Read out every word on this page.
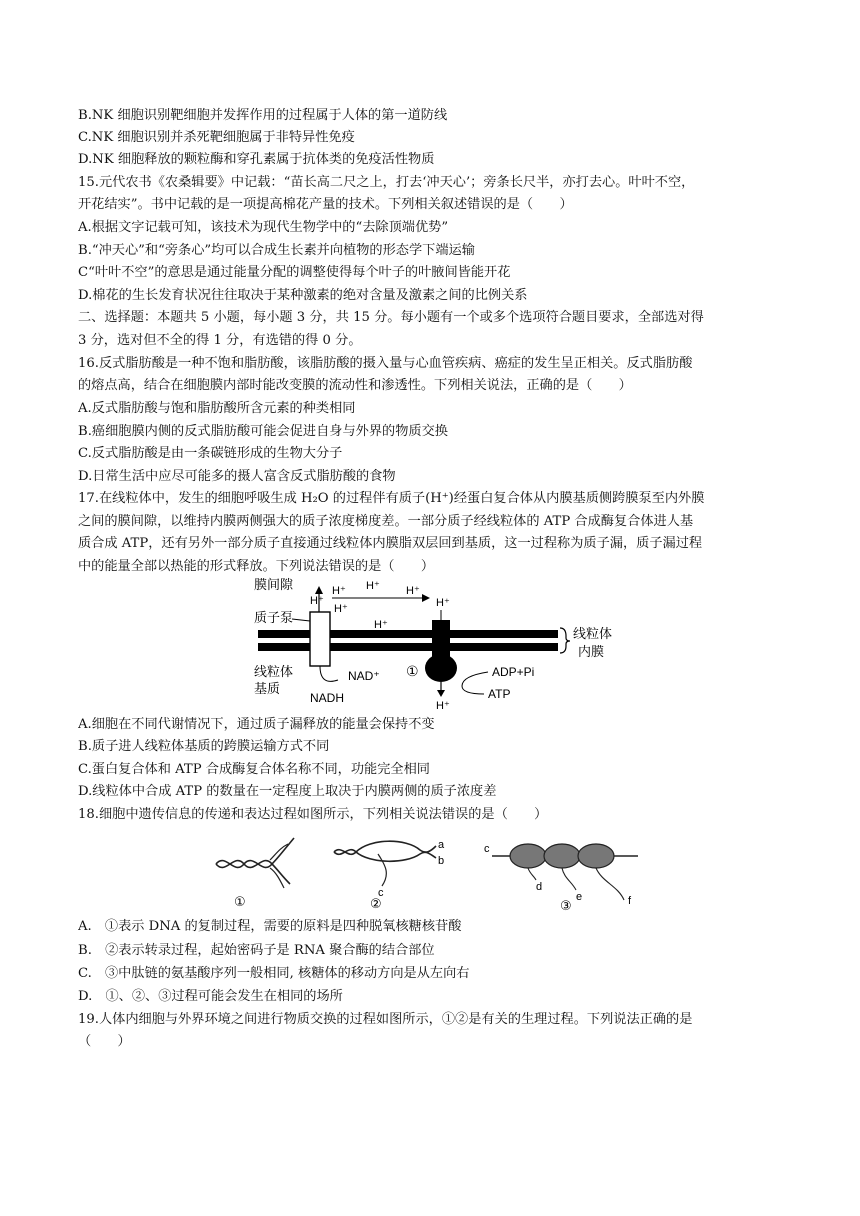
B.NK 细胞识别靶细胞并发挥作用的过程属于人体的第一道防线
C.NK 细胞识别并杀死靶细胞属于非特异性免疫
D.NK 细胞释放的颗粒酶和穿孔素属于抗体类的免疫活性物质
15.元代农书《农桑辑要》中记载：“苗长高二尺之上，打去‘冲天心’；旁条长尺半，亦打去心。叶叶不空，
开花结实”。书中记载的是一项提高棉花产量的技术。下列相关叙述错误的是（　　）
A.根据文字记载可知，该技术为现代生物学中的“去除顶端优势”
B.“冲天心”和“旁条心”均可以合成生长素并向植物的形态学下端运输
C“叶叶不空”的意思是通过能量分配的调整使得每个叶子的叶腋间皆能开花
D.棉花的生长发育状况往往取决于某种激素的绝对含量及激素之间的比例关系
二、选择题：本题共 5 小题，每小题 3 分，共 15 分。每小题有一个或多个选项符合题目要求，全部选对得
3 分，选对但不全的得 1 分，有选错的得 0 分。
16.反式脂肪酸是一种不饱和脂肪酸，该脂肪酸的摄入量与心血管疾病、癌症的发生呈正相关。反式脂肪酸
的熔点高，结合在细胞膜内部时能改变膜的流动性和渗透性。下列相关说法，正确的是（　　）
A.反式脂肪酸与饱和脂肪酸所含元素的种类相同
B.癌细胞膜内侧的反式脂肪酸可能会促进自身与外界的物质交换
C.反式脂肪酸是由一条碳链形成的生物大分子
D.日常生活中应尽可能多的摄人富含反式脂肪酸的食物
17.在线粒体中，发生的细胞呼吸生成 H₂O 的过程伴有质子(H⁺)经蛋白复合体从内膜基质侧跨膜泵至内外膜
之间的膜间隙，以维持内膜两侧强大的质子浓度梯度差。一部分质子经线粒体的 ATP 合成酶复合体进人基
质合成 ATP，还有另外一部分质子直接通过线粒体内膜脂双层回到基质，这一过程称为质子漏，质子漏过程
中的能量全部以热能的形式释放。下列说法错误的是（　　）
线粒体
内膜
膜间隙
质子泵
线粒体
基质
H⁺
H⁺ H⁺ H⁺
H⁺
H⁺
H⁺
H⁺
NAD⁺
NADH
①	ADP+Pi
ATP
A.细胞在不同代谢情况下，通过质子漏释放的能量会保持不变
B.质子进人线粒体基质的跨膜运输方式不同
C.蛋白复合体和 ATP 合成酶复合体名称不同，功能完全相同
D.线粒体中合成 ATP 的数量在一定程度上取决于内膜两侧的质子浓度差
18.细胞中遗传信息的传递和表达过程如图所示，下列相关说法错误的是（　　）
①
a
b
c
②
c
d
e	f
③
A.　①表示 DNA 的复制过程，需要的原料是四种脱氧核糖核苷酸
B.　②表示转录过程，起始密码子是 RNA 聚合酶的结合部位
C.　③中肽链的氨基酸序列一般相同, 核糖体的移动方向是从左向右
D.　①、②、③过程可能会发生在相同的场所
19.人体内细胞与外界环境之间进行物质交换的过程如图所示，①②是有关的生理过程。下列说法正确的是
（　　）
